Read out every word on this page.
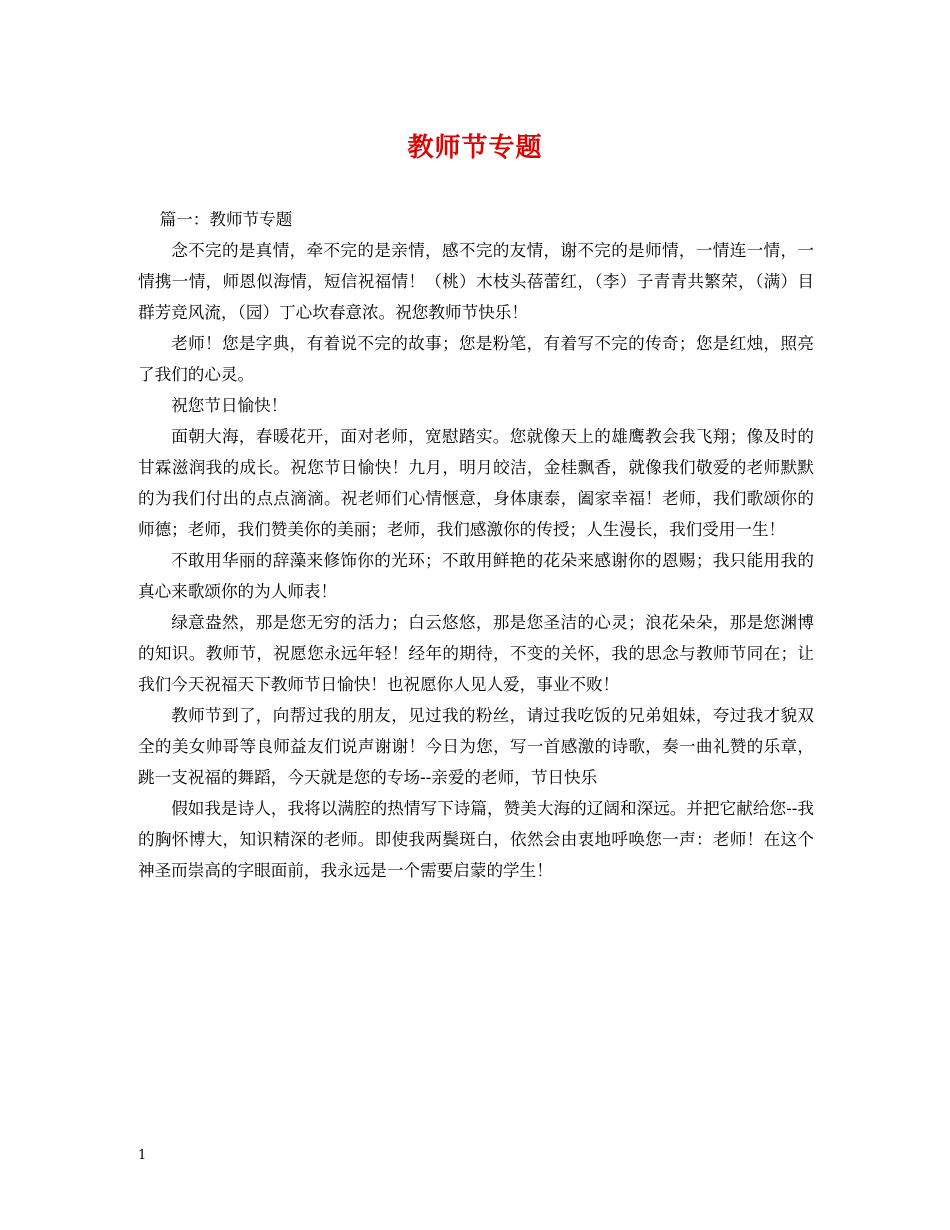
教师节专题

篇一：教师节专题

念不完的是真情，牵不完的是亲情，感不完的友情，谢不完的是师情，一情连一情，一情携一情，师恩似海情，短信祝福情！（桃）木枝头蓓蕾红，（李）子青青共繁荣，（满）目群芳竞风流，（园）丁心坎春意浓。祝您教师节快乐！

老师！您是字典，有着说不完的故事；您是粉笔，有着写不完的传奇；您是红烛，照亮了我们的心灵。

祝您节日愉快！

面朝大海，春暖花开，面对老师，宽慰踏实。您就像天上的雄鹰教会我飞翔；像及时的甘霖滋润我的成长。祝您节日愉快！九月，明月皎洁，金桂飘香，就像我们敬爱的老师默默的为我们付出的点点滴滴。祝老师们心情惬意，身体康泰，阖家幸福！老师，我们歌颂你的师德；老师，我们赞美你的美丽；老师，我们感激你的传授；人生漫长，我们受用一生！

不敢用华丽的辞藻来修饰你的光环；不敢用鲜艳的花朵来感谢你的恩赐；我只能用我的真心来歌颂你的为人师表！

绿意盎然，那是您无穷的活力；白云悠悠，那是您圣洁的心灵；浪花朵朵，那是您渊博的知识。教师节，祝愿您永远年轻！经年的期待，不变的关怀，我的思念与教师节同在；让我们今天祝福天下教师节日愉快！也祝愿你人见人爱，事业不败！

教师节到了，向帮过我的朋友，见过我的粉丝，请过我吃饭的兄弟姐妹，夸过我才貌双全的美女帅哥等良师益友们说声谢谢！今日为您，写一首感激的诗歌，奏一曲礼赞的乐章，跳一支祝福的舞蹈，今天就是您的专场--亲爱的老师，节日快乐

假如我是诗人，我将以满腔的热情写下诗篇，赞美大海的辽阔和深远。并把它献给您--我的胸怀博大，知识精深的老师。即使我两鬓斑白，依然会由衷地呼唤您一声：老师！在这个神圣而崇高的字眼面前，我永远是一个需要启蒙的学生！

1
